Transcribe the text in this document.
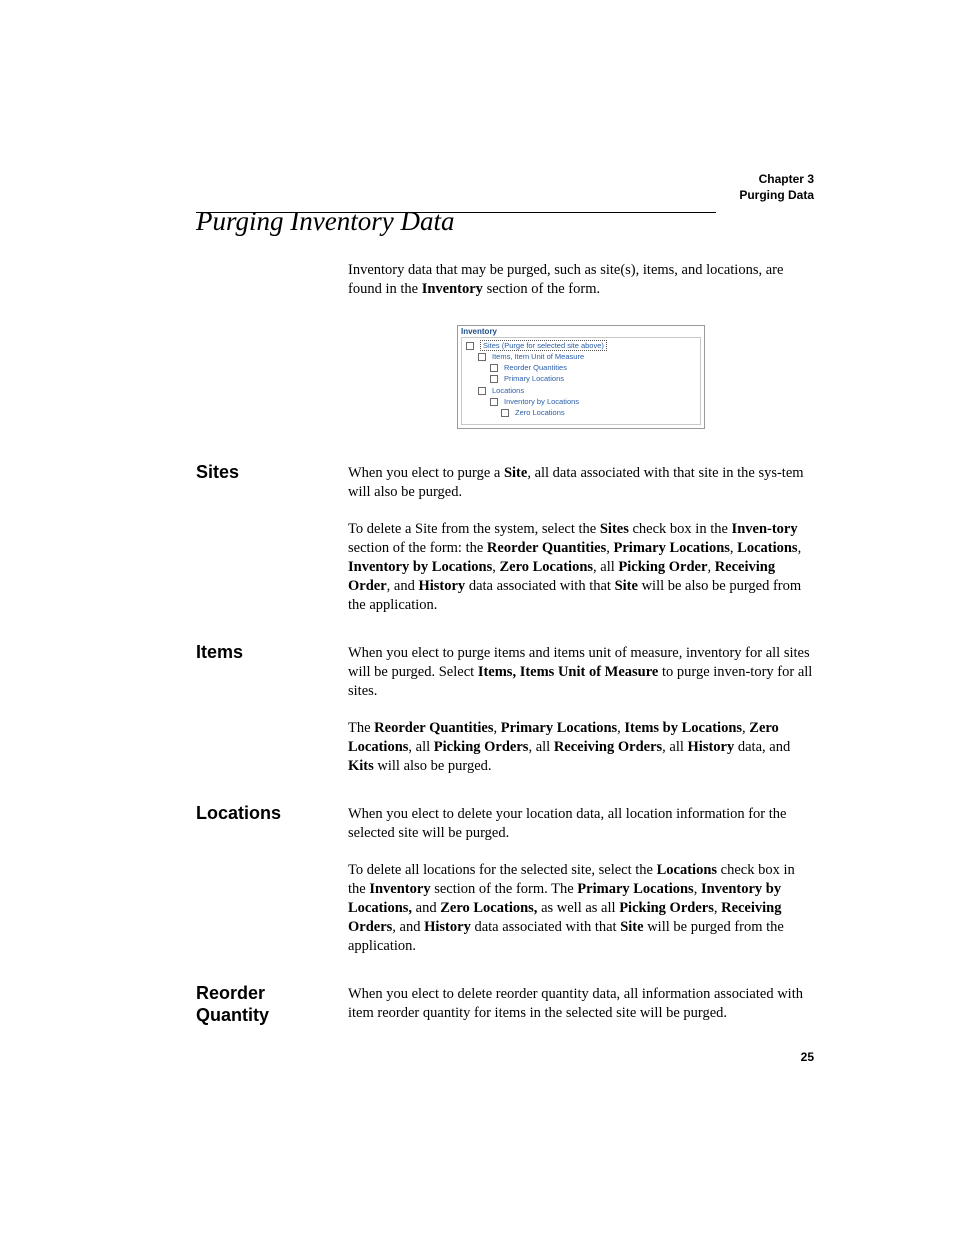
Chapter 3
Purging Data
Purging Inventory Data

Inventory data that may be purged, such as site(s), items, and locations, are found in the Inventory section of the form.

Inventory
Sites (Purge for selected site above)
Items, Item Unit of Measure
Reorder Quantities
Primary Locations
Locations
Inventory by Locations
Zero Locations
Sites	When you elect to purge a Site, all data associated with that site in the sys-tem will also be purged.

To delete a Site from the system, select the Sites check box in the Inven-tory section of the form: the Reorder Quantities, Primary Locations, Locations, Inventory by Locations, Zero Locations, all Picking Order, Receiving Order, and History data associated with that Site will be also be purged from the application.

Items	When you elect to purge items and items unit of measure, inventory for all sites will be purged. Select Items, Items Unit of Measure to purge inven-tory for all sites.

The Reorder Quantities, Primary Locations, Items by Locations, Zero Locations, all Picking Orders, all Receiving Orders, all History data, and Kits will also be purged.

Locations	When you elect to delete your location data, all location information for the selected site will be purged.

To delete all locations for the selected site, select the Locations check box in the Inventory section of the form. The Primary Locations, Inventory by Locations, and Zero Locations, as well as all Picking Orders, Receiving Orders, and History data associated with that Site will be purged from the application.

Reorder Quantity

When you elect to delete reorder quantity data, all information associated with item reorder quantity for items in the selected site will be purged.

25
